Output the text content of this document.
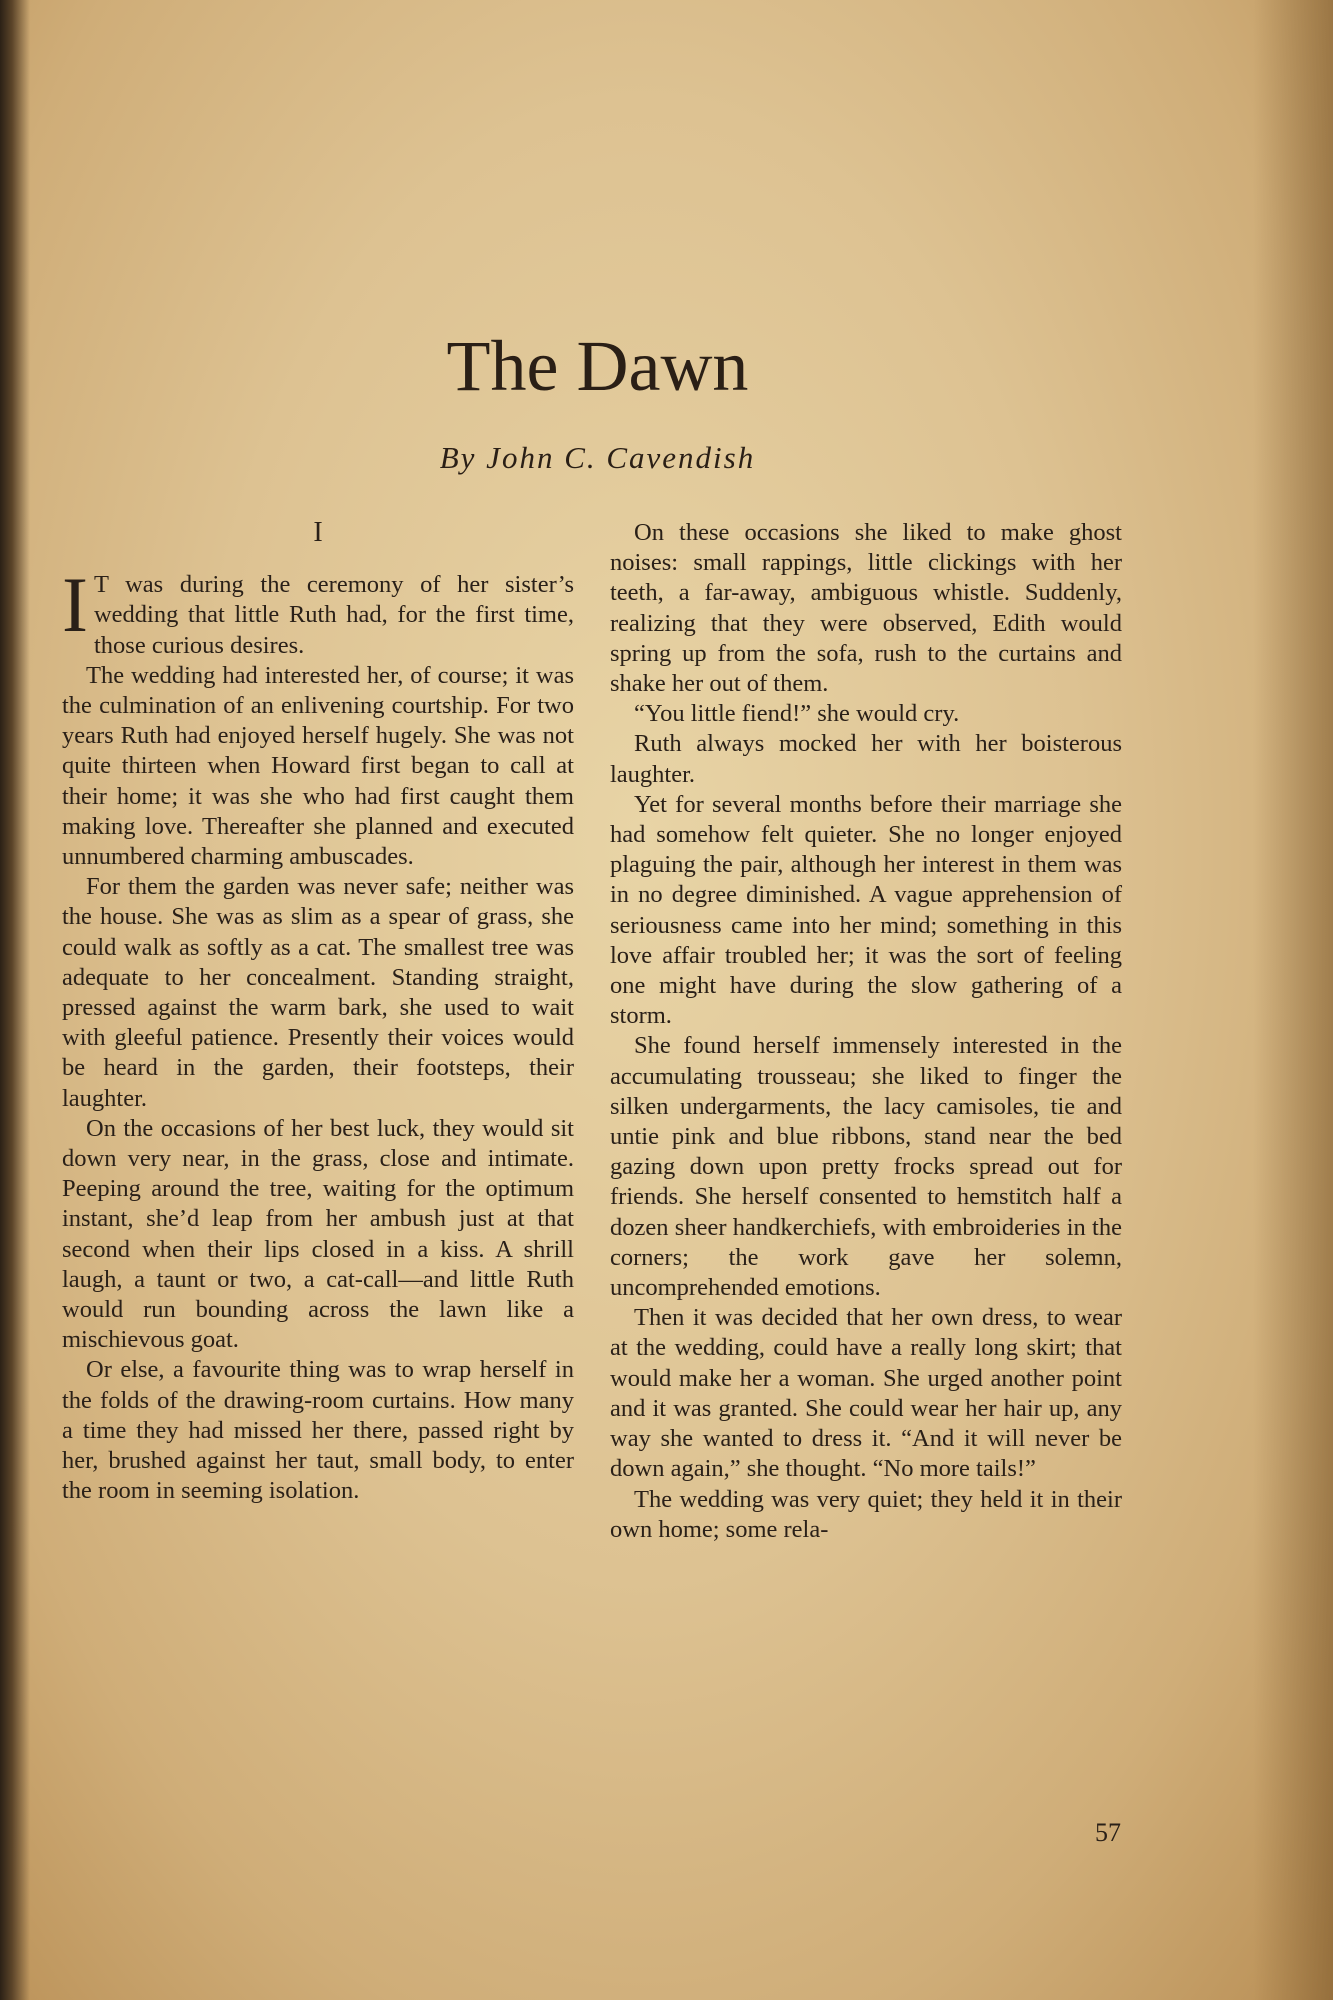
The Dawn
By John C. Cavendish
I

I T was during the ceremony of her sister’s wedding that little Ruth had, for the first time, those curious desires.

The wedding had interested her, of course; it was the culmination of an enlivening courtship. For two years Ruth had enjoyed herself hugely. She was not quite thirteen when Howard first began to call at their home; it was she who had first caught them making love. Thereafter she planned and executed unnumbered charming ambuscades.

For them the garden was never safe; neither was the house. She was as slim as a spear of grass, she could walk as softly as a cat. The smallest tree was adequate to her concealment. Standing straight, pressed against the warm bark, she used to wait with gleeful patience. Presently their voices would be heard in the garden, their footsteps, their laughter.

On the occasions of her best luck, they would sit down very near, in the grass, close and intimate. Peeping around the tree, waiting for the optimum instant, she’d leap from her ambush just at that second when their lips closed in a kiss. A shrill laugh, a taunt or two, a cat-call—and little Ruth would run bounding across the lawn like a mischievous goat.

Or else, a favourite thing was to wrap herself in the folds of the drawing-room curtains. How many a time they had missed her there, passed right by her, brushed against her taut, small body, to enter the room in seeming isolation.

On these occasions she liked to make ghost noises: small rappings, little clickings with her teeth, a far-away, ambiguous whistle. Suddenly, realizing that they were observed, Edith would spring up from the sofa, rush to the curtains and shake her out of them.

“You little fiend!” she would cry.

Ruth always mocked her with her boisterous laughter.

Yet for several months before their marriage she had somehow felt quieter. She no longer enjoyed plaguing the pair, although her interest in them was in no degree diminished. A vague apprehension of seriousness came into her mind; something in this love affair troubled her; it was the sort of feeling one might have during the slow gathering of a storm.

She found herself immensely interested in the accumulating trousseau; she liked to finger the silken undergarments, the lacy camisoles, tie and untie pink and blue ribbons, stand near the bed gazing down upon pretty frocks spread out for friends. She herself consented to hemstitch half a dozen sheer handkerchiefs, with embroideries in the corners; the work gave her solemn, uncomprehended emotions.

Then it was decided that her own dress, to wear at the wedding, could have a really long skirt; that would make her a woman. She urged another point and it was granted. She could wear her hair up, any way she wanted to dress it. “And it will never be down again,” she thought. “No more tails!”

The wedding was very quiet; they held it in their own home; some rela-

57
